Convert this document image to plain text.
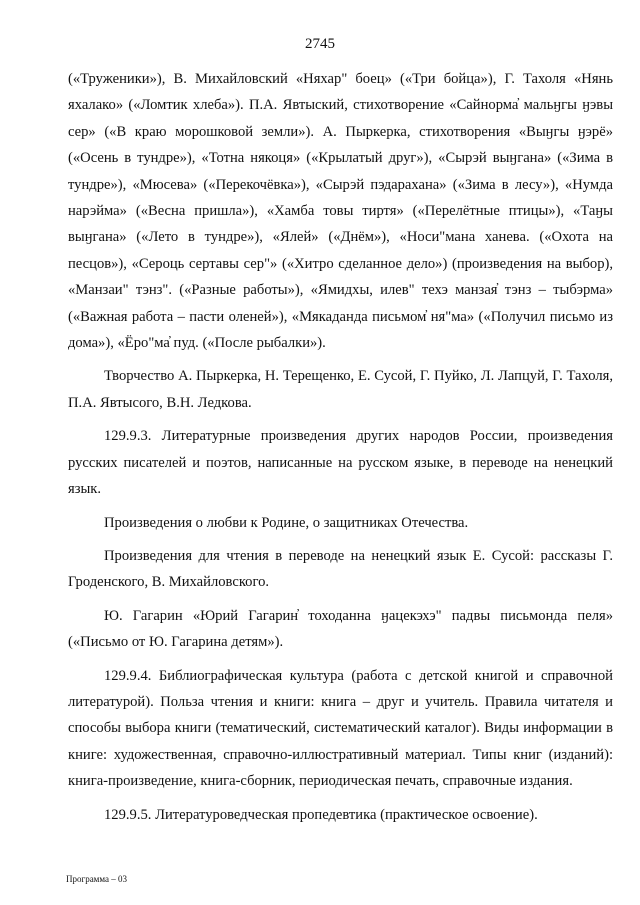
2745

(«Труженики»), В. Михайловский «Няхар" боец» («Три бойца»), Г. Тахоля «Нянь яхалако» («Ломтик хлеба»). П.А. Явтыский, стихотворение «Сайнорма̓ мальӈгы ӈэвы сер» («В краю морошковой земли»). А. Пыркерка, стихотворения «Выӈгы ӈэрё» («Осень в тундре»), «Тотна някоця» («Крылатый друг»), «Сырэй выӈгана» («Зима в тундре»), «Мюсева» («Перекочёвка»), «Сырэй пэдарахана» («Зима в лесу»), «Нумда нарэйма» («Весна пришла»), «Хамба товы тиртя» («Перелётные птицы»), «Таӈы выӈгана» («Лето в тундре»), «Ялей» («Днём»), «Носи"мана ханева. («Охота на песцов»), «Сероць сертавы сер"» («Хитро сделанное дело») (произведения на выбор), «Манзаи" тэнз". («Разные работы»), «Ямидхы, илев" техэ манзая̓ тэнз – тыбэрма» («Важная работа – пасти оленей»), «Мякаданда письмом̓ ня"ма» («Получил письмо из дома»), «Ёро"ма̓ пуд. («После рыбалки»).

Творчество А. Пыркерка, Н. Терещенко, Е. Сусой, Г. Пуйко, Л. Лапцуй, Г. Тахоля, П.А. Явтысого, В.Н. Ледкова.

129.9.3. Литературные произведения других народов России, произведения русских писателей и поэтов, написанные на русском языке, в переводе на ненецкий язык.

Произведения о любви к Родине, о защитниках Отечества.

Произведения для чтения в переводе на ненецкий язык Е. Сусой: рассказы Г. Гроденского, В. Михайловского.

Ю. Гагарин «Юрий Гагарин̓ тоходанна ӈацекэхэ" падвы письмонда пеля» («Письмо от Ю. Гагарина детям»).

129.9.4. Библиографическая культура (работа с детской книгой и справочной литературой). Польза чтения и книги: книга – друг и учитель. Правила читателя и способы выбора книги (тематический, систематический каталог). Виды информации в книге: художественная, справочно-иллюстративный материал. Типы книг (изданий): книга-произведение, книга-сборник, периодическая печать, справочные издания.

129.9.5. Литературоведческая пропедевтика (практическое освоение).

Программа – 03
